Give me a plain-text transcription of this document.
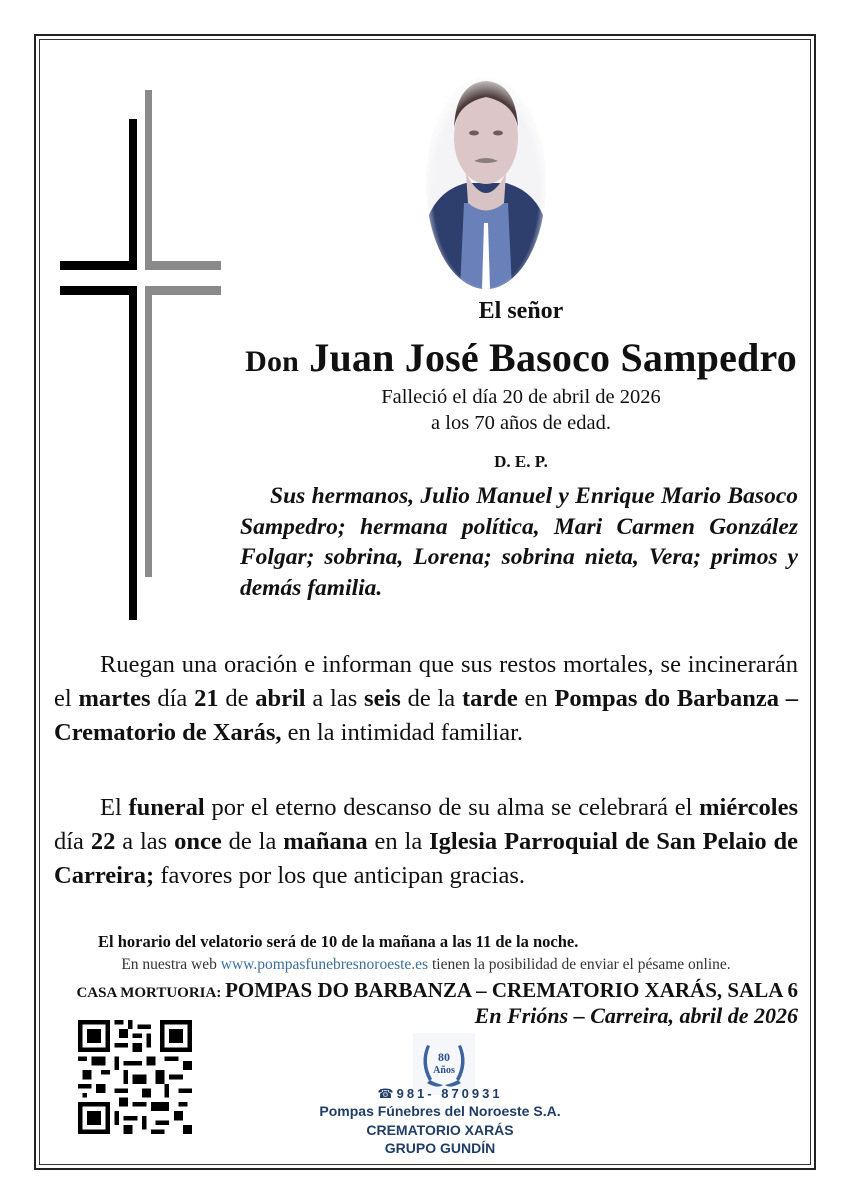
El señor
Don Juan José Basoco Sampedro
Falleció el día 20 de abril de 2026
a los 70 años de edad.
D. E. P.
Sus hermanos, Julio Manuel y Enrique Mario Basoco Sampedro; hermana política, Mari Carmen González Folgar; sobrina, Lorena; sobrina nieta, Vera; primos y demás familia.
Ruegan una oración e informan que sus restos mortales, se incinerarán el martes día 21 de abril a las seis de la tarde en Pompas do Barbanza – Crematorio de Xarás, en la intimidad familiar.
El funeral por el eterno descanso de su alma se celebrará el miércoles día 22 a las once de la mañana en la Iglesia Parroquial de San Pelaio de Carreira; favores por los que anticipan gracias.
El horario del velatorio será de 10 de la mañana a las 11 de la noche.
En nuestra web www.pompasfunebresnoroeste.es tienen la posibilidad de enviar el pésame online.
CASA MORTUORIA: POMPAS DO BARBANZA – CREMATORIO XARÁS, SALA 6
En Frións – Carreira, abril de 2026
80
Años
☎981- 870931
Pompas Fúnebres del Noroeste S.A.
CREMATORIO XARÁS
GRUPO GUNDÍN
